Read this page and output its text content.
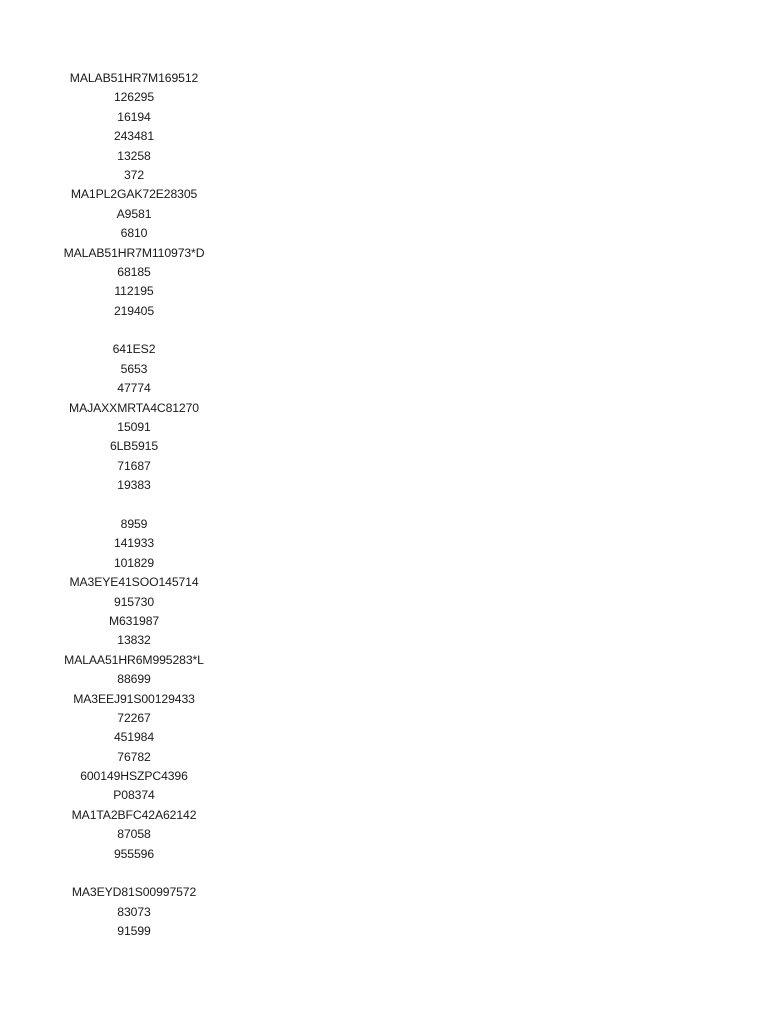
MALAB51HR7M169512
126295
16194
243481
13258
372
MA1PL2GAK72E28305
A9581
6810
MALAB51HR7M110973*D
68185
112195
219405
641ES2
5653
47774
MAJAXXMRTA4C81270
15091
6LB5915
71687
19383
8959
141933
101829
MA3EYE41SOO145714
915730
M631987
13832
MALAA51HR6M995283*L
88699
MA3EEJ91S00129433
72267
451984
76782
600149HSZPC4396
P08374
MA1TA2BFC42A62142
87058
955596
MA3EYD81S00997572
83073
91599
